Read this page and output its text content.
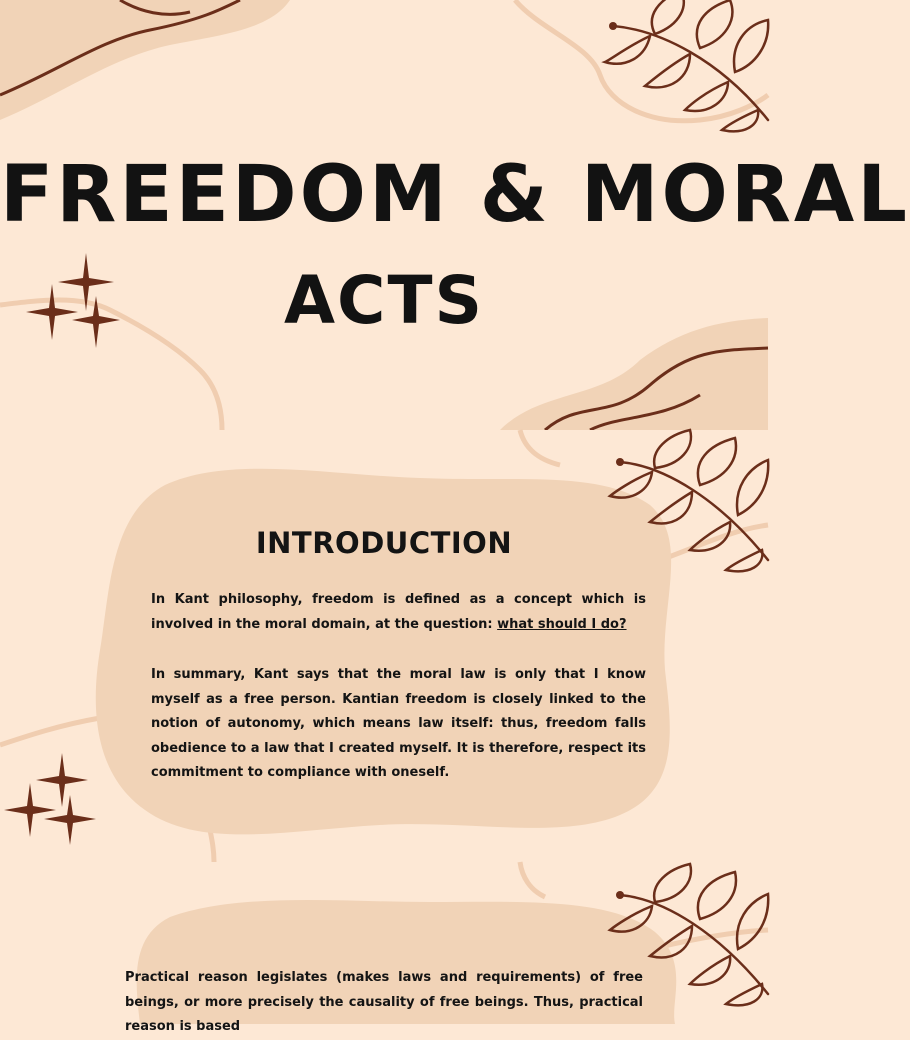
FREEDOM & MORAL
ACTS
INTRODUCTION

In Kant philosophy, freedom is defined as a concept which is involved in the moral domain, at the question: what should I do?

In summary, Kant says that the moral law is only that I know myself as a free person. Kantian freedom is closely linked to the notion of autonomy, which means law itself: thus, freedom falls obedience to a law that I created myself. It is therefore, respect its commitment to compliance with oneself.

Practical reason legislates (makes laws and requirements) of free beings, or more precisely the causality of free beings. Thus, practical reason is based
